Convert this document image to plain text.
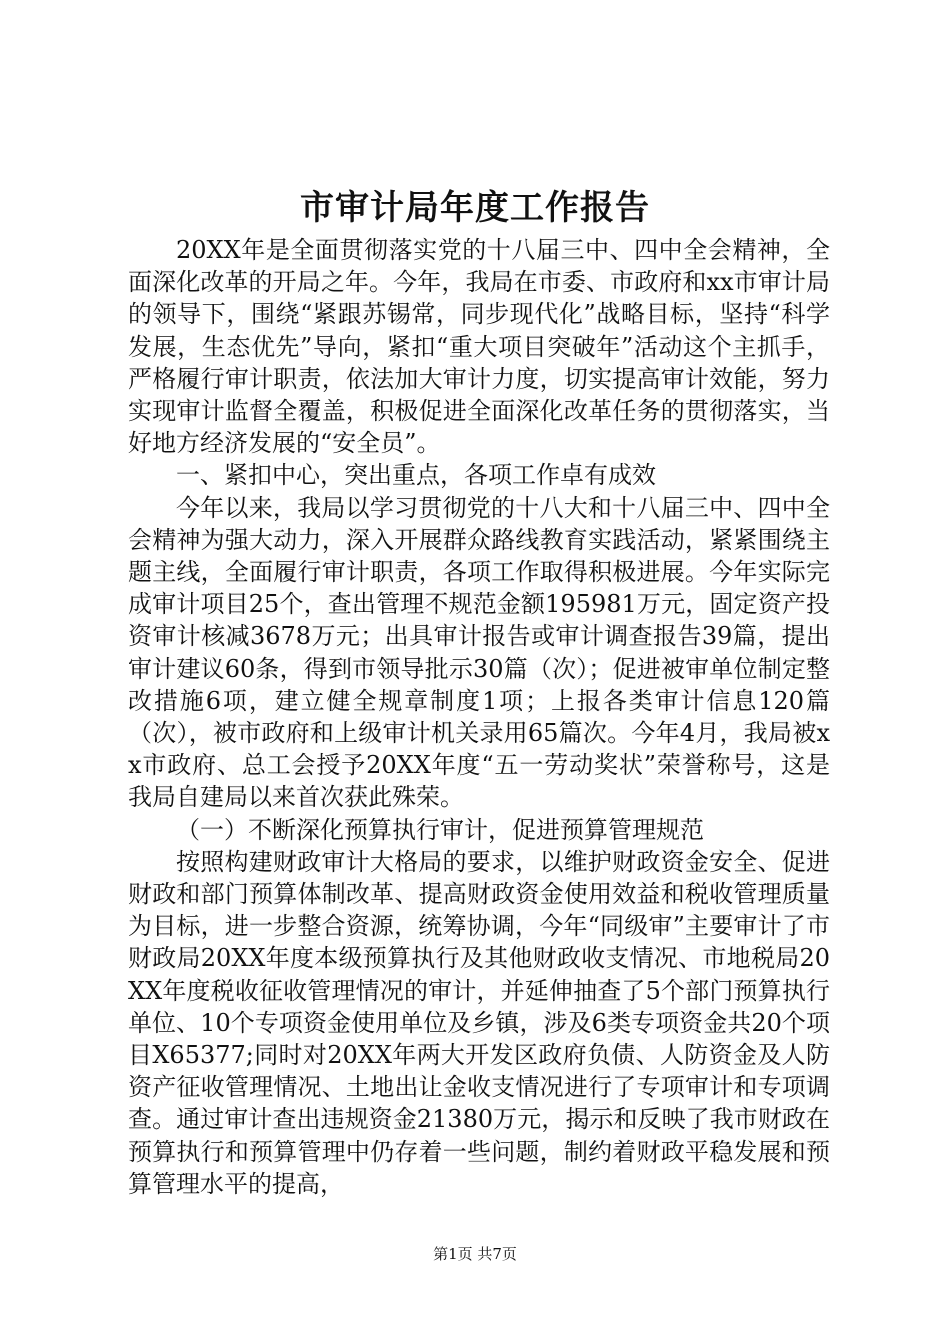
市审计局年度工作报告

20XX年是全面贯彻落实党的十八届三中、四中全会精神，全面深化改革的开局之年。今年，我局在市委、市政府和xx市审计局的领导下，围绕“紧跟苏锡常，同步现代化”战略目标，坚持“科学发展，生态优先”导向，紧扣“重大项目突破年”活动这个主抓手，严格履行审计职责，依法加大审计力度，切实提高审计效能，努力实现审计监督全覆盖，积极促进全面深化改革任务的贯彻落实，当好地方经济发展的“安全员”。

一、紧扣中心，突出重点，各项工作卓有成效

今年以来，我局以学习贯彻党的十八大和十八届三中、四中全会精神为强大动力，深入开展群众路线教育实践活动，紧紧围绕主题主线，全面履行审计职责，各项工作取得积极进展。今年实际完成审计项目25个，查出管理不规范金额195981万元，固定资产投资审计核减3678万元；出具审计报告或审计调查报告39篇，提出审计建议60条，得到市领导批示30篇（次）；促进被审单位制定整改措施6项，建立健全规章制度1项；上报各类审计信息120篇（次），被市政府和上级审计机关录用65篇次。今年4月，我局被xx市政府、总工会授予20XX年度“五一劳动奖状”荣誉称号，这是我局自建局以来首次获此殊荣。

（一）不断深化预算执行审计，促进预算管理规范

按照构建财政审计大格局的要求，以维护财政资金安全、促进财政和部门预算体制改革、提高财政资金使用效益和税收管理质量为目标，进一步整合资源，统筹协调，今年“同级审”主要审计了市财政局20XX年度本级预算执行及其他财政收支情况、市地税局20XX年度税收征收管理情况的审计，并延伸抽查了5个部门预算执行单位、10个专项资金使用单位及乡镇，涉及6类专项资金共20个项目X65377;同时对20XX年两大开发区政府负债、人防资金及人防资产征收管理情况、土地出让金收支情况进行了专项审计和专项调查。通过审计查出违规资金21380万元，揭示和反映了我市财政在预算执行和预算管理中仍存着一些问题，制约着财政平稳发展和预算管理水平的提高，

第1页 共7页
